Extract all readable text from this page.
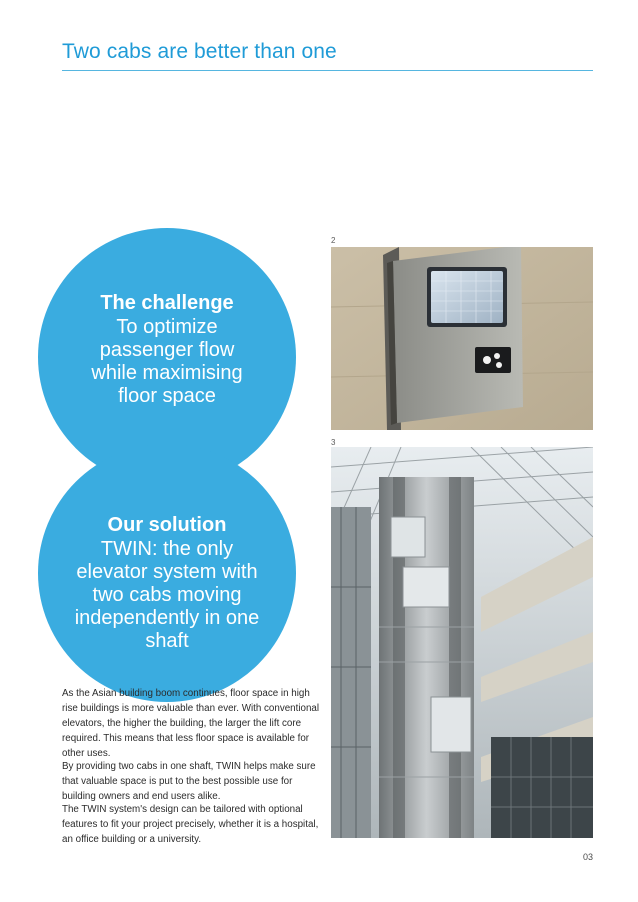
Two cabs are better than one
The challenge
To optimize passenger flow while maximising floor space
Our solution
TWIN: the only elevator system with two cabs moving independently in one shaft
2
3

As the Asian building boom continues, floor space in high rise buildings is more valuable than ever. With conventional elevators, the higher the building, the larger the lift core required. This means that less floor space is available for other uses.

By providing two cabs in one shaft, TWIN helps make sure that valuable space is put to the best possible use for building owners and end users alike.

The TWIN system's design can be tailored with optional features to fit your project precisely, whether it is a hospital, an office building or a university.

03
